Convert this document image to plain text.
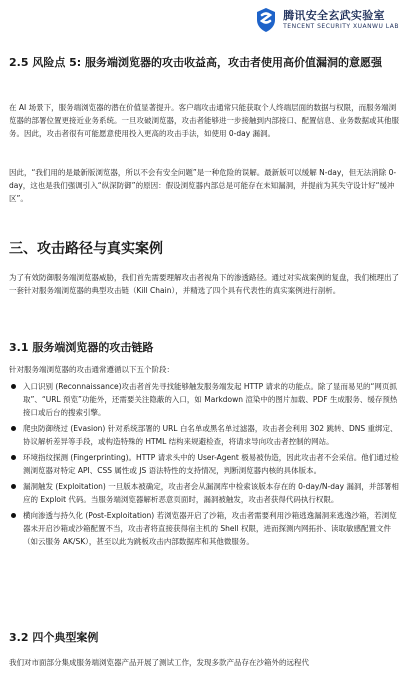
腾讯安全玄武实验室
TENCENT SECURITY XUANWU LAB
2.5 风险点 5: 服务端浏览器的攻击收益高，攻击者使用高价值漏洞的意愿强
在 AI 场景下，服务端浏览器的潜在价值显著提升。客户端攻击通常只能获取个人终端层面的数据与权限，而服务端浏览器的部署位置更接近业务系统。一旦攻破浏览器，攻击者能够进一步接触到内部接口、配置信息、业务数据或其他服务。因此，攻击者很有可能愿意使用投入更高的攻击手法，如使用 0-day 漏洞。
因此，“我们用的是最新版浏览器，所以不会有安全问题”是一种危险的误解。最新版可以缓解 N-day，但无法消除 0-day，这也是我们强调引入“纵深防御”的原因：假设浏览器内部总是可能存在未知漏洞，并提前为其失守设计好“缓冲区”。
三、攻击路径与真实案例
为了有效防御服务端浏览器威胁，我们首先需要理解攻击者视角下的渗透路径。通过对实战案例的复盘，我们梳理出了一套针对服务端浏览器的典型攻击链（Kill Chain），并精选了四个具有代表性的真实案例进行剖析。
3.1 服务端浏览器的攻击链路
针对服务端浏览器的攻击通常遵循以下五个阶段：
入口识别 (Reconnaissance)攻击者首先寻找能够触发服务端发起 HTTP 请求的功能点。除了显而易见的“网页抓取”、“URL 预览”功能外，还需要关注隐蔽的入口，如 Markdown 渲染中的图片加载、PDF 生成服务、缓存预热接口或后台的搜索引擎。
爬虫防御绕过 (Evasion) 针对系统部署的 URL 白名单或黑名单过滤器，攻击者会利用 302 跳转、DNS 重绑定、协议解析差异等手段，或构造特殊的 HTML 结构来规避检查，将请求导向攻击者控制的网站。
环境指纹探测 (Fingerprinting)。HTTP 请求头中的 User-Agent 极易被伪造，因此攻击者不会采信。他们通过检测浏览器对特定 API、CSS 属性或 JS 语法特性的支持情况，判断浏览器内核的具体版本。
漏洞触发 (Exploitation) 一旦版本被确定，攻击者会从漏洞库中检索该版本存在的 0-day/N-day 漏洞，并部署相应的 Exploit 代码。当服务端浏览器解析恶意页面时，漏洞被触发，攻击者获得代码执行权限。
横向渗透与持久化 (Post-Exploitation) 若浏览器开启了沙箱，攻击者需要利用沙箱逃逸漏洞来逃逸沙箱，若浏览器未开启沙箱或沙箱配置不当，攻击者将直接获得宿主机的 Shell 权限，进而探测内网拓扑、读取敏感配置文件（如云服务 AK/SK），甚至以此为跳板攻击内部数据库和其他微服务。
3.2 四个典型案例
我们对市面部分集成服务端浏览器产品开展了测试工作，发现多款产品存在沙箱外的远程代
